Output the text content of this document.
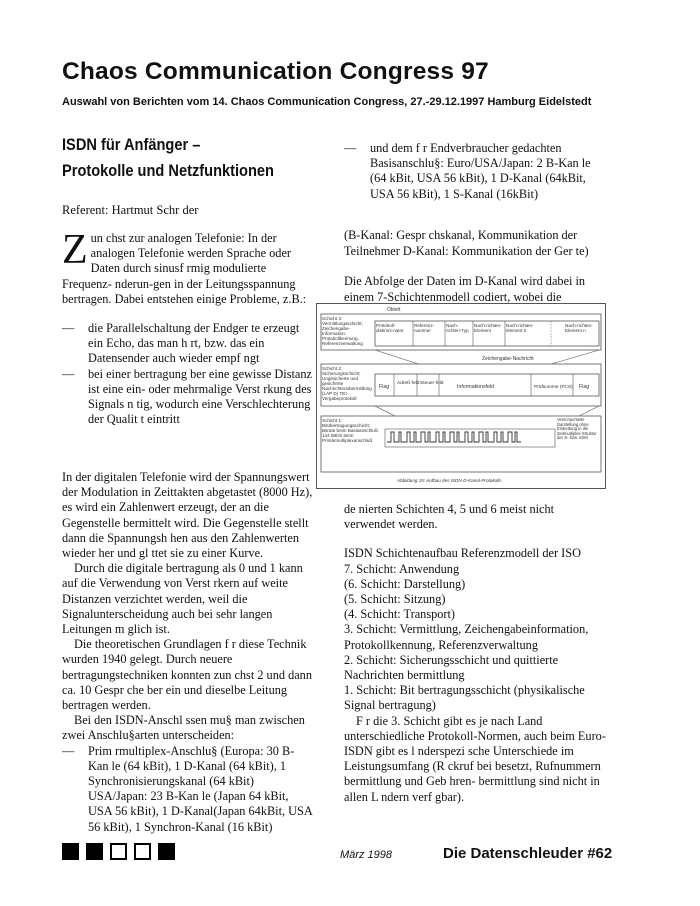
Chaos Communication Congress 97

Auswahl von Berichten vom 14. Chaos Communication Congress, 27.-29.12.1997 Hamburg Eidelstedt

ISDN für Anfänger –
Protokolle und Netzfunktionen

Referent: Hartmut Schr der

Z un chst zur analogen Telefonie: In der analogen Telefonie werden Sprache oder Daten durch sinusf rmig modulierte Frequenz- nderun-gen in der Leitungsspannung bertragen. Dabei entstehen einige Probleme, z.B.:
— die Parallelschaltung der Endger te erzeugt ein Echo, das man h rt, bzw. das ein Datensender auch wieder empf ngt
— bei einer bertragung ber eine gewisse Distanz ist eine ein- oder mehrmalige Verst rkung des Signals n tig, wodurch eine Verschlechterung der Qualit t eintritt

In der digitalen Telefonie wird der Spannungswert der Modulation in Zeittakten abgetastet (8000 Hz), es wird ein Zahlenwert erzeugt, der an die Gegenstelle bermittelt wird. Die Gegenstelle stellt dann die Spannungsh hen aus den Zahlenwerten wieder her und gl ttet sie zu einer Kurve.

Durch die digitale bertragung als 0 und 1 kann auf die Verwendung von Verst rkern auf weite Distanzen verzichtet werden, weil die Signalunterscheidung auch bei sehr langen Leitungen m glich ist.

Die theoretischen Grundlagen f r diese Technik wurden 1940 gelegt. Durch neuere bertragungstechniken konnten zun chst 2 und dann ca. 10 Gespr che ber ein und dieselbe Leitung bertragen werden.

Bei den ISDN-Anschl ssen mu§ man zwischen zwei Anschlu§arten unterscheiden:

— Prim rmultiplex-Anschlu§ (Europa: 30 B-Kan le (64 kBit), 1 D-Kanal (64 kBit), 1 Synchronisierungskanal (64 kBit) USA/Japan: 23 B-Kan le (Japan 64 kBit, USA 56 kBit), 1 D-Kanal(Japan 64kBit, USA 56 kBit), 1 Synchron-Kanal (16 kBit)
— und dem f r Endverbraucher gedachten Basisanschlu§: Euro/USA/Japan: 2 B-Kan le (64 kBit, USA 56 kBit), 1 D-Kanal (64kBit, USA 56 kBit), 1 S-Kanal (16kBit)

(B-Kanal: Gespr chskanal, Kommunikation der Teilnehmer D-Kanal: Kommunikation der Ger te)

Die Abfolge der Daten im D-Kanal wird dabei in einem 7-Schichtenmodell codiert, wobei die

Oktett
Schicht 3: Vermittlungsschicht; Zeichengabe-Information Protokollkennung, Referenzverwaltung
Protokoll-diskrimi-nator
Referenz-nummer
Nach-richten-Typ
Nach-richten-Element
Nach-richten-element 2
Nach-richten-Element n
Zeichengabe-Nachricht
Schicht 2: Sicherungsschicht; Ungesicherte und gesicherte Nachrichtenübermittlung (LAP D) TEI-Vergabeprotokoll
Flag
Adreß-feld Steuer-feld
Informationsfeld	Prüfsumme (FCS) Flag
Schicht 1: Bitübertragungsschicht; Bitrate beim Basisanschluß: 144 kBit/s beim Primärmultiplexanschluß
Verschachtelte Darstellung ohne Einbettung in die Zeitmultiplex-Struktur der S- bzw. S2M
Abbildung 15: Aufbau des ISDN-D-Kanal-Protokolls

de nierten Schichten 4, 5 und 6 meist nicht verwendet werden.

ISDN Schichtenaufbau Referenzmodell der ISO

7. Schicht: Anwendung

(6. Schicht: Darstellung)

(5. Schicht: Sitzung)

(4. Schicht: Transport)

3. Schicht: Vermittlung, Zeichengabeinformation, Protokollkennung, Referenzverwaltung

2. Schicht: Sicherungsschicht und quittierte Nachrichten bermittlung

1. Schicht: Bit bertragungsschicht (physikalische Signal bertragung)

F r die 3. Schicht gibt es je nach Land unterschiedliche Protokoll-Normen, auch beim Euro-ISDN gibt es l nderspezi sche Unterschiede im Leistungsumfang (R ckruf bei besetzt, Rufnummern bermittlung und Geb hren- bermittlung sind nicht in allen L ndern verf gbar).

März 1998	Die Datenschleuder #62
